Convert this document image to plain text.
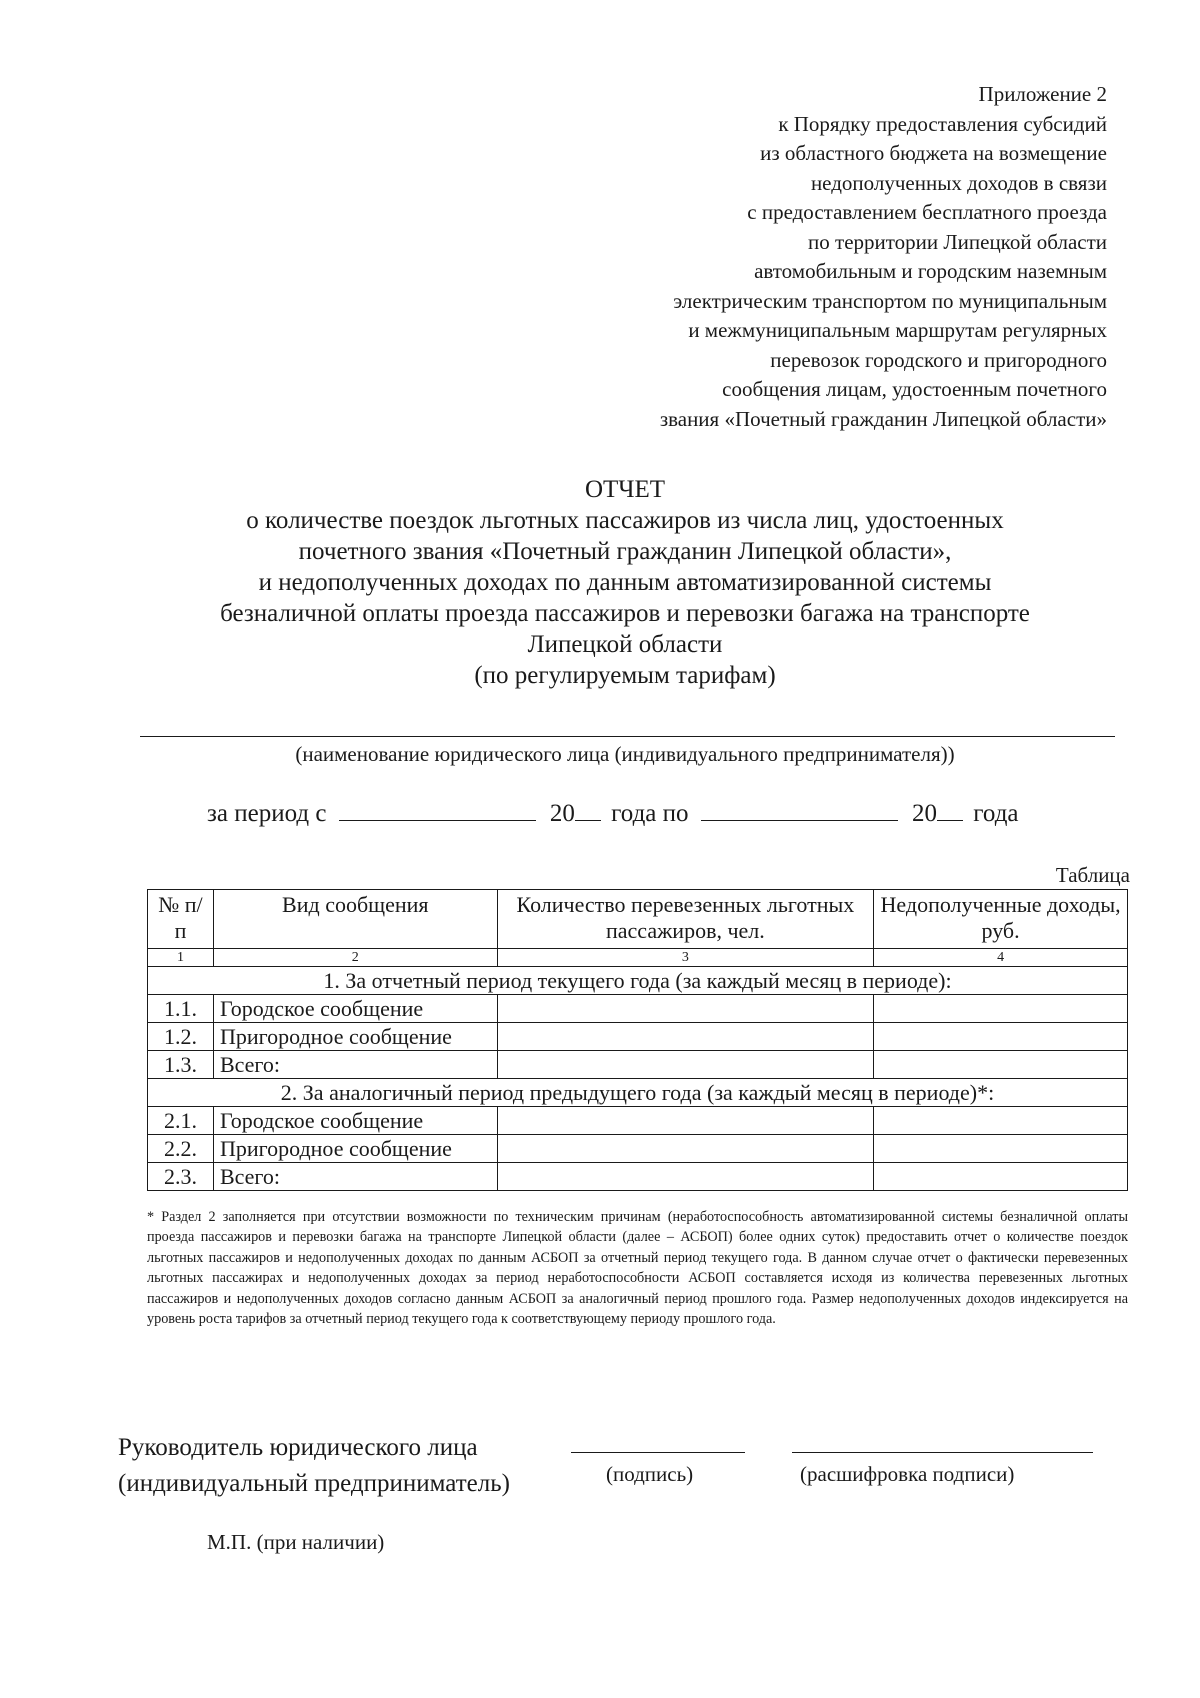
Приложение 2
к Порядку предоставления субсидий
из областного бюджета на возмещение
недополученных доходов в связи
с предоставлением бесплатного проезда
по территории Липецкой области
автомобильным и городским наземным
электрическим транспортом по муниципальным
и межмуниципальным маршрутам регулярных
перевозок городского и пригородного
сообщения лицам, удостоенным почетного
звания «Почетный гражданин Липецкой области»
ОТЧЕТ
о количестве поездок льготных пассажиров из числа лиц, удостоенных
почетного звания «Почетный гражданин Липецкой области»,
и недополученных доходах по данным автоматизированной системы
безналичной оплаты проезда пассажиров и перевозки багажа на транспорте
Липецкой области
(по регулируемым тарифам)
(наименование юридического лица (индивидуального предпринимателя))
за период с	20 года по	20 года
Таблица
№ п/п	Вид сообщения	Количество перевезенных льготных пассажиров, чел.	Недополученные доходы, руб.
1	2	3	4
1. За отчетный период текущего года (за каждый месяц в периоде):			
1.1.	Городское сообщение		
1.2.	Пригородное сообщение		
1.3.	Всего:		
2. За аналогичный период предыдущего года (за каждый месяц в периоде)*:			
2.1.	Городское сообщение		
2.2.	Пригородное сообщение		
2.3.	Всего:		
* Раздел 2 заполняется при отсутствии возможности по техническим причинам (неработоспособность автоматизированной системы безналичной оплаты проезда пассажиров и перевозки багажа на транспорте Липецкой области (далее – АСБОП) более одних суток) предоставить отчет о количестве поездок льготных пассажиров и недополученных доходах по данным АСБОП за отчетный период текущего года. В данном случае отчет о фактически перевезенных льготных пассажирах и недополученных доходах за период неработоспособности АСБОП составляется исходя из количества перевезенных льготных пассажиров и недополученных доходов согласно данным АСБОП за аналогичный период прошлого года. Размер недополученных доходов индексируется на уровень роста тарифов за отчетный период текущего года к соответствующему периоду прошлого года.
Руководитель юридического лица
(индивидуальный предприниматель)	(подпись)	(расшифровка подписи)
М.П. (при наличии)
